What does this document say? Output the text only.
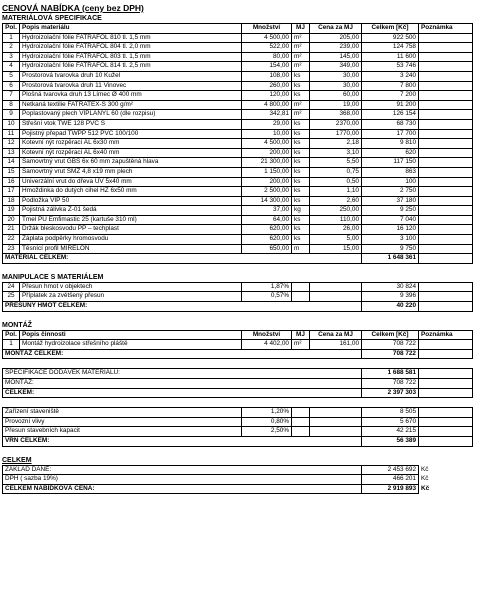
CENOVÁ NABÍDKA (ceny bez DPH)
MATERIÁLOVÁ SPECIFIKACE
Pol.	Popis materiálu	Množství	MJ	Cena za MJ	Celkem [Kč]	Poznámka
1	Hydroizolační fólie FATRAFOL 810 tl. 1,5 mm	4 500,00	m²	205,00	922 500	
2	Hydroizolační fólie FATRAFOL 804 tl. 2,0 mm	522,00	m²	239,00	124 758	
3	Hydroizolační fólie FATRAFOL 803 tl. 1,5 mm	80,00	m²	145,00	11 600	
4	Hydroizolační fólie FATRAFOL 814 tl. 2,5 mm	154,00	m²	349,00	53 746	
5	Prostorová tvarovka druh 10 Kužel	108,00	ks	30,00	3 240	
6	Prostorová tvarovka druh 11 Vinovec	260,00	ks	30,00	7 800	
7	Plošná tvarovka druh 13 Límec Ø 400 mm	120,00	ks	60,00	7 200	
8	Netkaná textilie FATRATEX-S 300 g/m²	4 800,00	m²	19,00	91 200	
9	Poplastovaný plech VIPLANYL 60 (dle rozpisu)	342,81	m²	368,00	126 154	
10	Střešní vtok TWE 128 PVC S	29,00	ks	2370,00	68 730	
11	Pojistný přepad TWPP 512 PVC 100/100	10,00	ks	1770,00	17 700	
12	Kotevní nýt rozpěrací AL 6x30 mm	4 500,00	ks	2,18	9 810	
13	Kotevní nýt rozpěrací AL 6x40 mm	200,00	ks	3,10	620	
14	Samovrtný vrut GBS 6x 60 mm zapuštěná hlava	21 300,00	ks	5,50	117 150	
15	Samovrtný vrut SMZ 4,8 x19 mm plech	1 150,00	ks	0,75	863	
16	Univerzální vrut do dřeva UV 5x40 mm	200,00	ks	0,50	100	
17	Hmoždinka do dutých cihel HZ 6x50 mm	2 500,00	ks	1,10	2 750	
18	Podložka VIP 50	14 300,00	ks	2,60	37 180	
19	Pojistná zálivka Z-01 šedá	37,00	kg	250,00	9 250	
20	Tmel PU Emfimastic 25 (kartuše 310 ml)	64,00	ks	110,00	7 040	
21	Držák bleskosvodu PP – techplast	620,00	ks	26,00	16 120	
22	Záplata podpěrky hromosvodu	620,00	ks	5,00	3 100	
23	Těsnící profil MIRELON	650,00	m	15,00	9 750	
MATERIÁL CELKEM:					1 648 361	
MANIPULACE S MATERIÁLEM
24	Přesun hmot v objektech	1,87%			30 824	
25	Příplatek za zvětšený přesun	0,57%			9 396	
PŘESUNY HMOT CELKEM:					40 220	
MONTÁŽ
Pol.	Popis činnosti	Množství	MJ	Cena za MJ	Celkem [Kč]	Poznámka
1	Montáž hydroizolace střešního pláště	4 402,00	m²	161,00	708 722	
MONTÁŽ CELKEM:					708 722	
SPECIFIKACE DODÁVEK MATERIÁLU:	1 688 581	
MONTÁŽ:	708 722	
CELKEM:	2 397 303	
Zařízení staveniště	1,20%			8 505	
Provozní vlivy	0,80%			5 670	
Přesun stavebních kapacit	2,50%			42 215	
VRN CELKEM:				56 389	
CELKEM
ZÁKLAD DANĚ:	2 453 692	Kč
DPH ( sazba 19%)	466 201	Kč
CELKEM NABÍDKOVÁ CENA:	2 919 893	Kč
